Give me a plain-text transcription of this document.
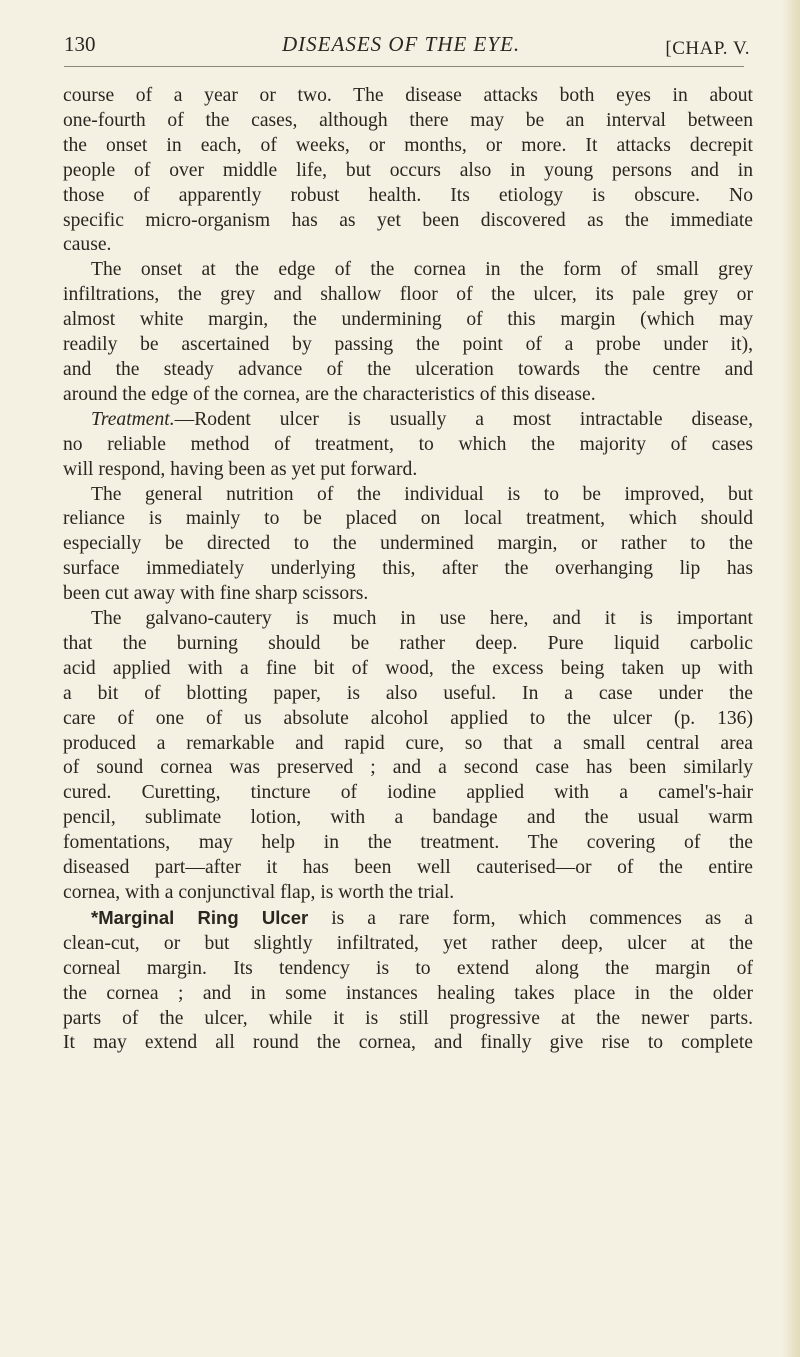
130	DISEASES OF THE EYE.	[CHAP. V.

course of a year or two. The disease attacks both eyes in about
one-fourth of the cases, although there may be an interval between
the onset in each, of weeks, or months, or more. It attacks decrepit
people of over middle life, but occurs also in young persons and in
those of apparently robust health. Its etiology is obscure. No
specific micro-organism has as yet been discovered as the immediate
cause.

The onset at the edge of the cornea in the form of small grey
infiltrations, the grey and shallow floor of the ulcer, its pale grey or
almost white margin, the undermining of this margin (which may
readily be ascertained by passing the point of a probe under it),
and the steady advance of the ulceration towards the centre and
around the edge of the cornea, are the characteristics of this disease.

Treatment.—Rodent ulcer is usually a most intractable disease,
no reliable method of treatment, to which the majority of cases
will respond, having been as yet put forward.

The general nutrition of the individual is to be improved, but
reliance is mainly to be placed on local treatment, which should
especially be directed to the undermined margin, or rather to the
surface immediately underlying this, after the overhanging lip has
been cut away with fine sharp scissors.

The galvano-cautery is much in use here, and it is important
that the burning should be rather deep. Pure liquid carbolic
acid applied with a fine bit of wood, the excess being taken up with
a bit of blotting paper, is also useful. In a case under the
care of one of us absolute alcohol applied to the ulcer (p. 136)
produced a remarkable and rapid cure, so that a small central area
of sound cornea was preserved ; and a second case has been similarly
cured. Curetting, tincture of iodine applied with a camel's-hair
pencil, sublimate lotion, with a bandage and the usual warm
fomentations, may help in the treatment. The covering of the
diseased part—after it has been well cauterised—or of the entire
cornea, with a conjunctival flap, is worth the trial.

*Marginal Ring Ulcer is a rare form, which commences as a
clean-cut, or but slightly infiltrated, yet rather deep, ulcer at the
corneal margin. Its tendency is to extend along the margin of
the cornea ; and in some instances healing takes place in the older
parts of the ulcer, while it is still progressive at the newer parts.
It may extend all round the cornea, and finally give rise to complete
